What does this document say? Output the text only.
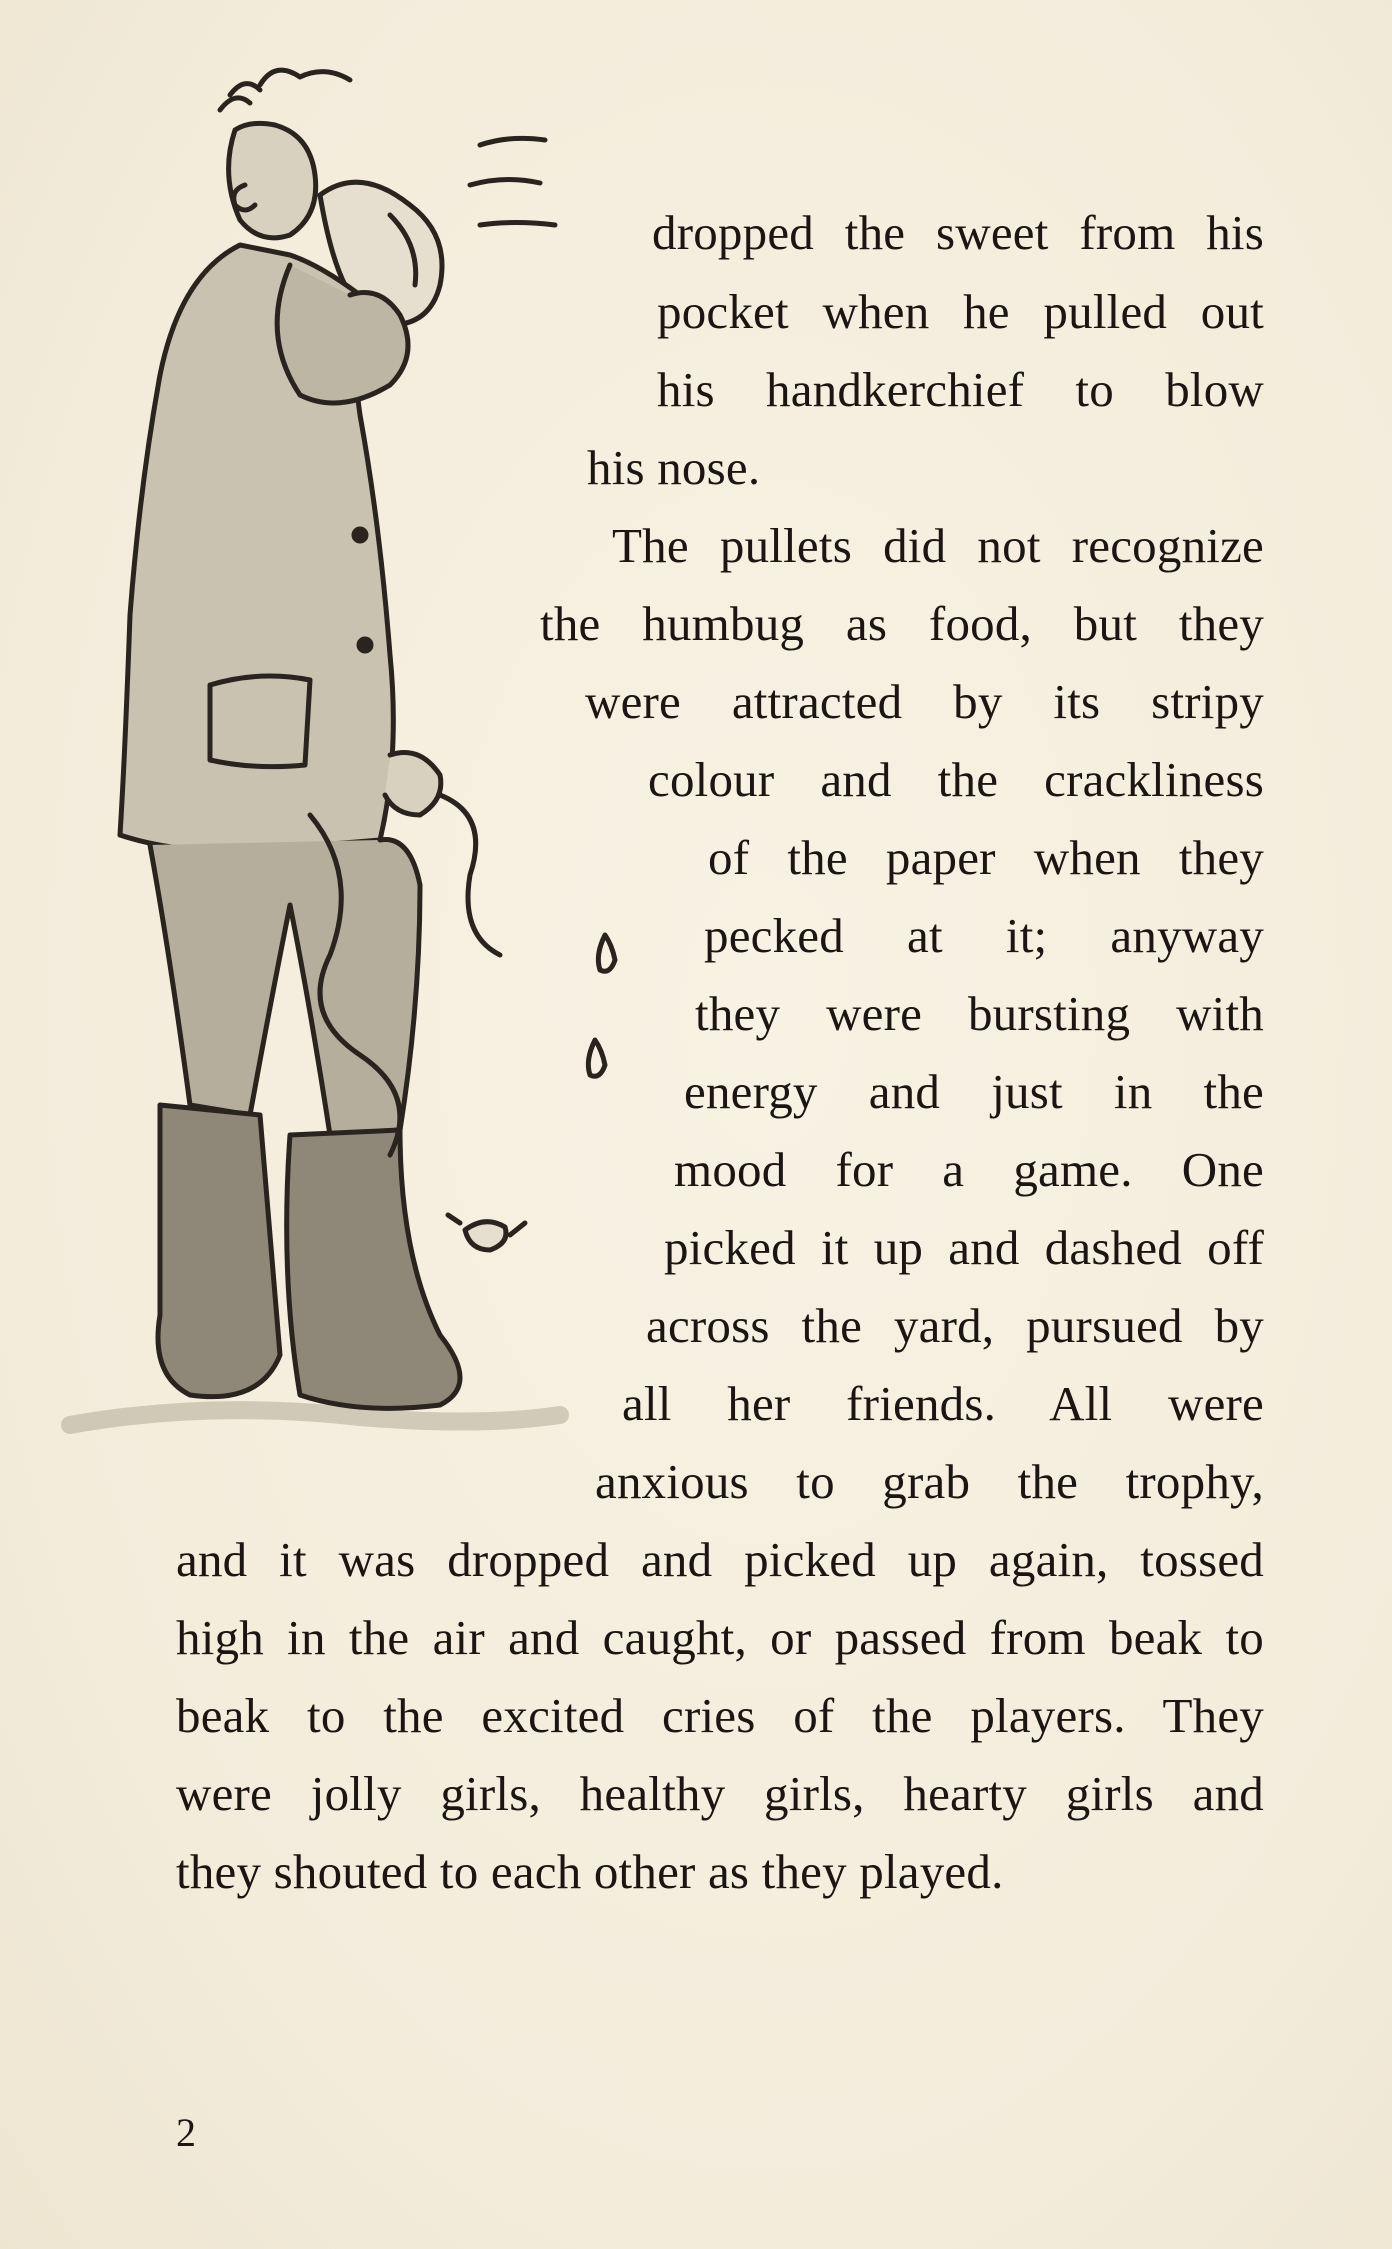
dropped the sweet from his
pocket when he pulled out
his handkerchief to blow
his nose.
The pullets did not recognize
the humbug as food, but they
were attracted by its stripy
colour and the crackliness
of the paper when they
pecked at it; anyway
they were bursting with
energy and just in the
mood for a game. One
picked it up and dashed off
across the yard, pursued by
all her friends. All were
anxious to grab the trophy,
and it was dropped and picked up again, tossed
high in the air and caught, or passed from beak to
beak to the excited cries of the players. They
were jolly girls, healthy girls, hearty girls and
they shouted to each other as they played.
2
